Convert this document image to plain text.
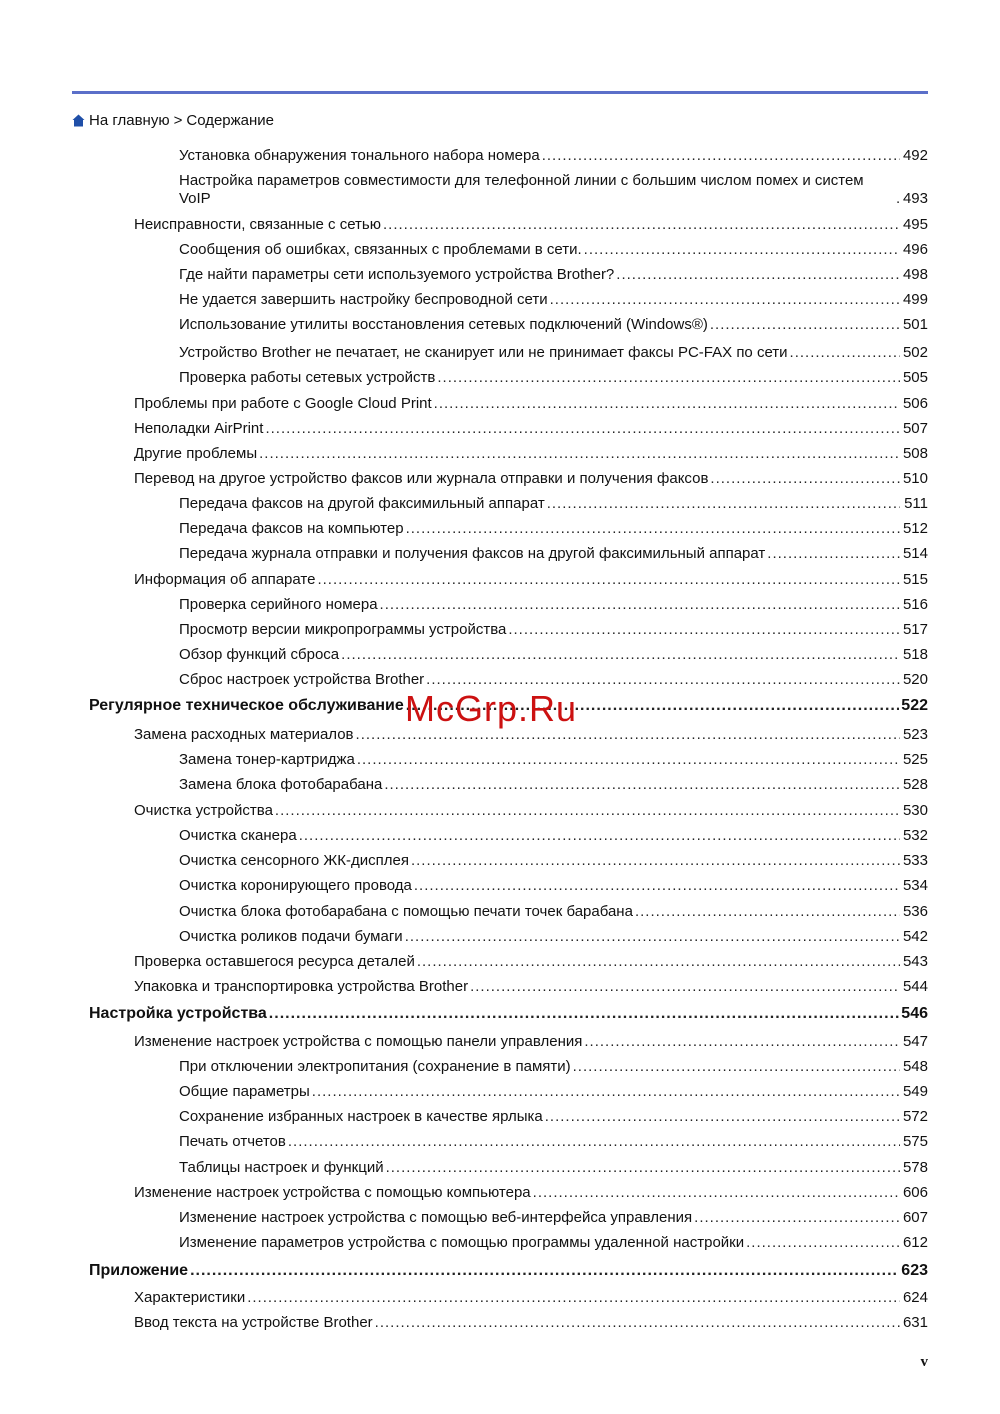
На главную > Содержание
Установка обнаружения тонального набора номера .....	492
Настройка параметров совместимости для телефонной линии с большим числом помех и систем VoIP .....	493
Неисправности, связанные с сетью .....	495
Сообщения об ошибках, связанных с проблемами в сети. .....	496
Где найти параметры сети используемого устройства Brother? .....	498
Не удается завершить настройку беспроводной сети .....	499
Использование утилиты восстановления сетевых подключений (Windows®) .....	501
Устройство Brother не печатает, не сканирует или не принимает факсы PC-FAX по сети .....	502
Проверка работы сетевых устройств .....	505
Проблемы при работе с Google Cloud Print .....	506
Неполадки AirPrint .....	507
Другие проблемы .....	508
Перевод на другое устройство факсов или журнала отправки и получения факсов .....	510
Передача факсов на другой факсимильный аппарат .....	511
Передача факсов на компьютер .....	512
Передача журнала отправки и получения факсов на другой факсимильный аппарат .....	514
Информация об аппарате .....	515
Проверка серийного номера .....	516
Просмотр версии микропрограммы устройства .....	517
Обзор функций сброса .....	518
Сброс настроек устройства Brother .....	520
Регулярное техническое обслуживание .....	522
Замена расходных материалов .....	523
Замена тонер-картриджа .....	525
Замена блока фотобарабана .....	528
Очистка устройства .....	530
Очистка сканера .....	532
Очистка сенсорного ЖК-дисплея .....	533
Очистка коронирующего провода .....	534
Очистка блока фотобарабана с помощью печати точек барабана .....	536
Очистка роликов подачи бумаги .....	542
Проверка оставшегося ресурса деталей .....	543
Упаковка и транспортировка устройства Brother .....	544
Настройка устройства .....	546
Изменение настроек устройства с помощью панели управления .....	547
При отключении электропитания (сохранение в памяти) .....	548
Общие параметры .....	549
Сохранение избранных настроек в качестве ярлыка .....	572
Печать отчетов .....	575
Таблицы настроек и функций .....	578
Изменение настроек устройства с помощью компьютера .....	606
Изменение настроек устройства с помощью веб-интерфейса управления .....	607
Изменение параметров устройства с помощью программы удаленной настройки .....	612
Приложение .....	623
Характеристики .....	624
Ввод текста на устройстве Brother .....	631
McGrp.Ru
v
